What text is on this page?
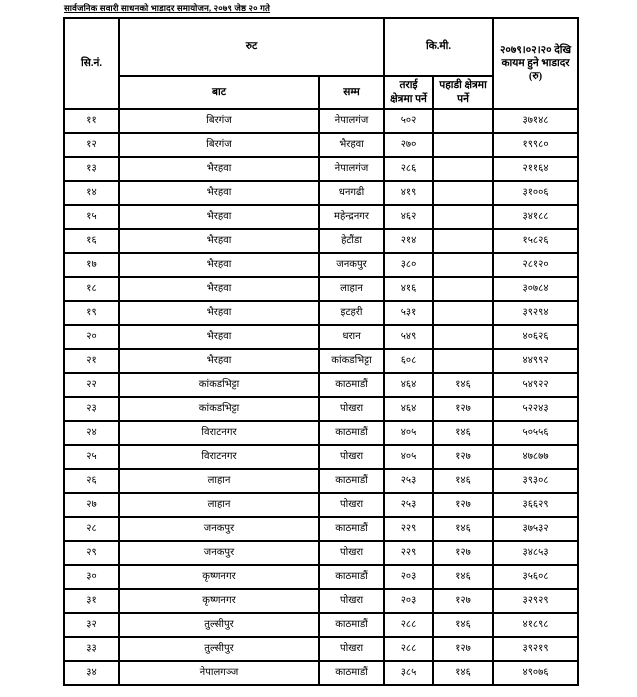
सार्वजनिक सवारी साधनको भाडादर समायोजन, २०७९ जेष्ठ २० गते
सि.नं.	रुट		कि.मी.		२०७९।०२।२० देखि कायम हुने भाडादर (रु)
	बाट	सम्म	तराई क्षेत्रमा पर्ने	पहाडी क्षेत्रमा पर्ने	
११	बिरगंज	नेपालगंज	५०२		३७१४८
१२	बिरगंज	भैरहवा	२७०		१९९८०
१३	भैरहवा	नेपालगंज	२८६		२११६४
१४	भैरहवा	धनगढी	४१९		३१००६
१५	भैरहवा	महेन्द्रनगर	४६२		३४१८८
१६	भैरहवा	हेटौंडा	२१४		१५८२६
१७	भैरहवा	जनकपुर	३८०		२८१२०
१८	भैरहवा	लाहान	४१६		३०७८४
१९	भैरहवा	इटहरी	५३१		३९२९४
२०	भैरहवा	धरान	५४९		४०६२६
२१	भैरहवा	कांकडभिट्टा	६०८		४४९९२
२२	कांकडभिट्टा	काठमाडौं	४६४	१४६	५४९२२
२३	कांकडभिट्टा	पोखरा	४६४	१२७	५२२४३
२४	विराटनगर	काठमाडौं	४०५	१४६	५०५५६
२५	विराटनगर	पोखरा	४०५	१२७	४७८७७
२६	लाहान	काठमाडौं	२५३	१४६	३९३०८
२७	लाहान	पोखरा	२५३	१२७	३६६२९
२८	जनकपुर	काठमाडौं	२२९	१४६	३७५३२
२९	जनकपुर	पोखरा	२२९	१२७	३४८५३
३०	कृष्णनगर	काठमाडौं	२०३	१४६	३५६०८
३१	कृष्णनगर	पोखरा	२०३	१२७	३२९२९
३२	तुल्सीपुर	काठमाडौं	२८८	१४६	४१८९८
३३	तुल्सीपुर	पोखरा	२८८	१२७	३९२१९
३४	नेपालगञ्ज	काठमाडौं	३८५	१४६	४९०७६
